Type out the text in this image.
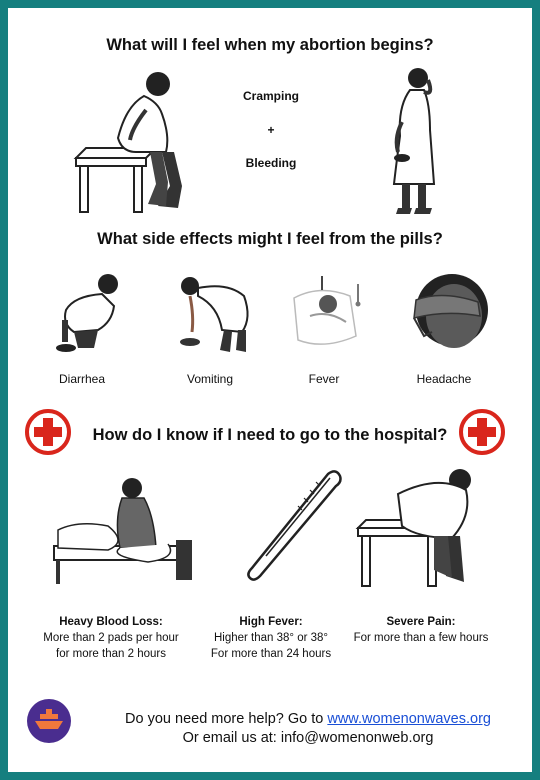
What will I feel when my abortion begins?
Cramping
+
Bleeding
What side effects might I feel from the pills?
Diarrhea	Vomiting	Fever	Headache
How do I know if I need to go to the hospital?
Heavy Blood Loss:
More than 2 pads per hour
for more than 2 hours
High Fever:
Higher than 38° or 38°
For more than 24 hours
Severe Pain:
For more than a few hours
Do you need more help? Go to www.womenonwaves.org
Or email us at: info@womenonweb.org
